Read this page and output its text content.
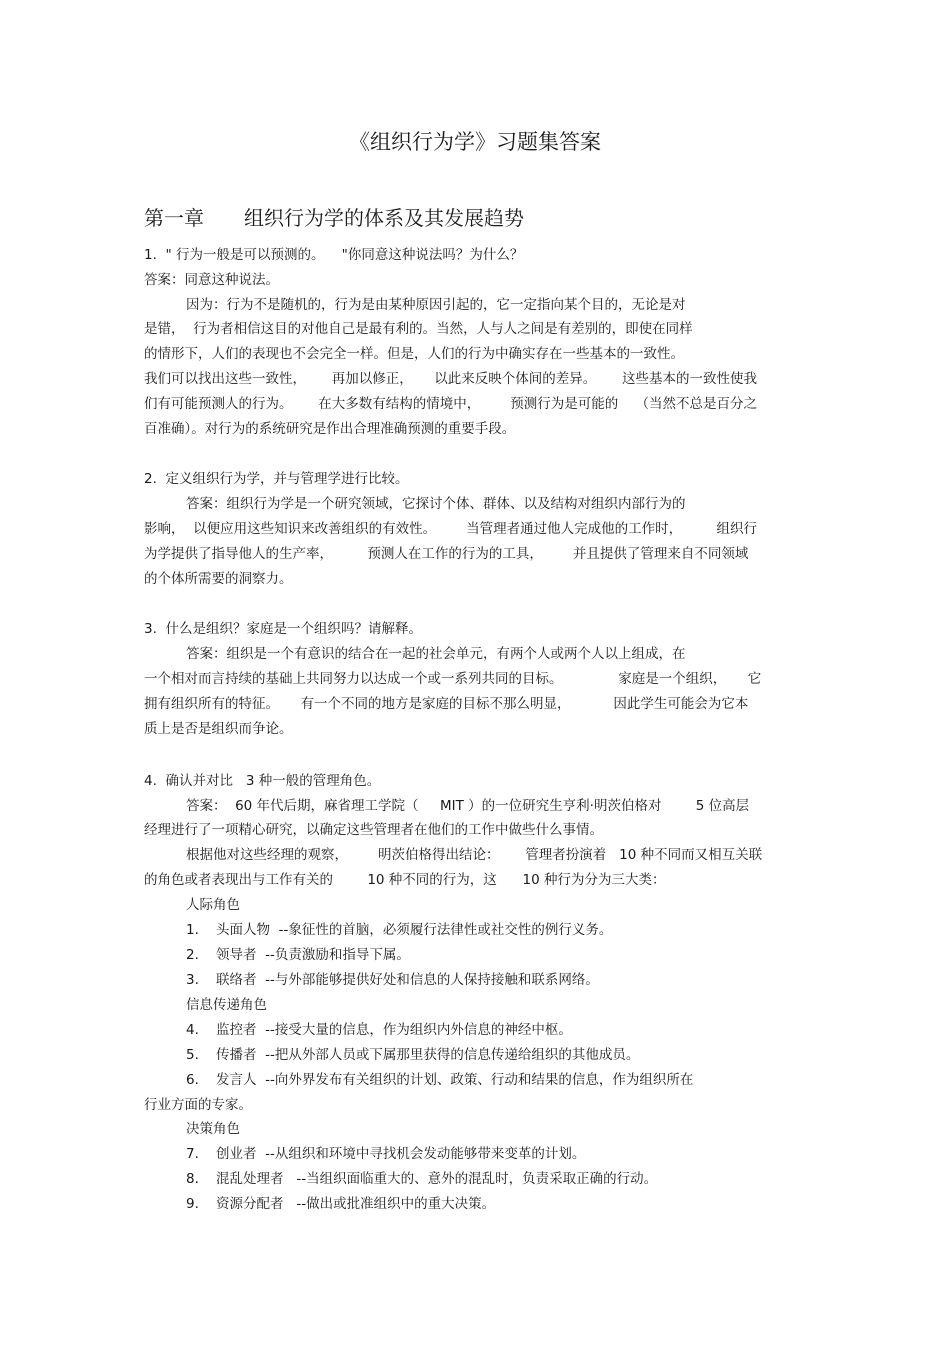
《组织行为学》习题集答案
第一章　　组织行为学的体系及其发展趋势
1.  " 行为一般是可以预测的。    "你同意这种说法吗？为什么？
答案：同意这种说法。
因为：行为不是随机的，行为是由某种原因引起的，它一定指向某个目的，无论是对
是错，  行为者相信这目的对他自己是最有利的。当然，人与人之间是有差别的，即使在同样
的情形下，人们的表现也不会完全一样。但是，人们的行为中确实存在一些基本的一致性。
我们可以找出这些一致性，      再加以修正，     以此来反映个体间的差异。      这些基本的一致性使我
们有可能预测人的行为。      在大多数有结构的情境中，       预测行为是可能的    （当然不总是百分之
百准确）。对行为的系统研究是作出合理准确预测的重要手段。
2.  定义组织行为学，并与管理学进行比较。
答案：组织行为学是一个研究领域，它探讨个体、群体、以及结构对组织内部行为的
影响，  以便应用这些知识来改善组织的有效性。       当管理者通过他人完成他的工作时，        组织行
为学提供了指导他人的生产率，        预测人在工作的行为的工具，       并且提供了管理来自不同领域
的个体所需要的洞察力。
3.  什么是组织？家庭是一个组织吗？请解释。
答案：组织是一个有意识的结合在一起的社会单元，有两个人或两个人以上组成，在
一个相对而言持续的基础上共同努力以达成一个或一系列共同的目标。             家庭是一个组织，     它
拥有组织所有的特征。     有一个不同的地方是家庭的目标不那么明显，          因此学生可能会为它本
质上是否是组织而争论。
4.  确认并对比   3 种一般的管理角色。
答案：  60 年代后期，麻省理工学院（     MIT ）的一位研究生亨利·明茨伯格对        5 位高层
经理进行了一项精心研究，以确定这些管理者在他们的工作中做些什么事情。
根据他对这些经理的观察，       明茨伯格得出结论：      管理者扮演着   10 种不同而又相互关联
的角色或者表现出与工作有关的        10 种不同的行为，这      10 种行为分为三大类：
人际角色
1.    头面人物  --象征性的首脑，必须履行法律性或社交性的例行义务。
2.    领导者  --负责激励和指导下属。
3.    联络者  --与外部能够提供好处和信息的人保持接触和联系网络。
信息传递角色
4.    监控者  --接受大量的信息，作为组织内外信息的神经中枢。
5.    传播者  --把从外部人员或下属那里获得的信息传递给组织的其他成员。
6.    发言人  --向外界发布有关组织的计划、政策、行动和结果的信息，作为组织所在
行业方面的专家。
决策角色
7.    创业者  --从组织和环境中寻找机会发动能够带来变革的计划。
8.    混乱处理者   --当组织面临重大的、意外的混乱时，负责采取正确的行动。
9.    资源分配者   --做出或批准组织中的重大决策。
